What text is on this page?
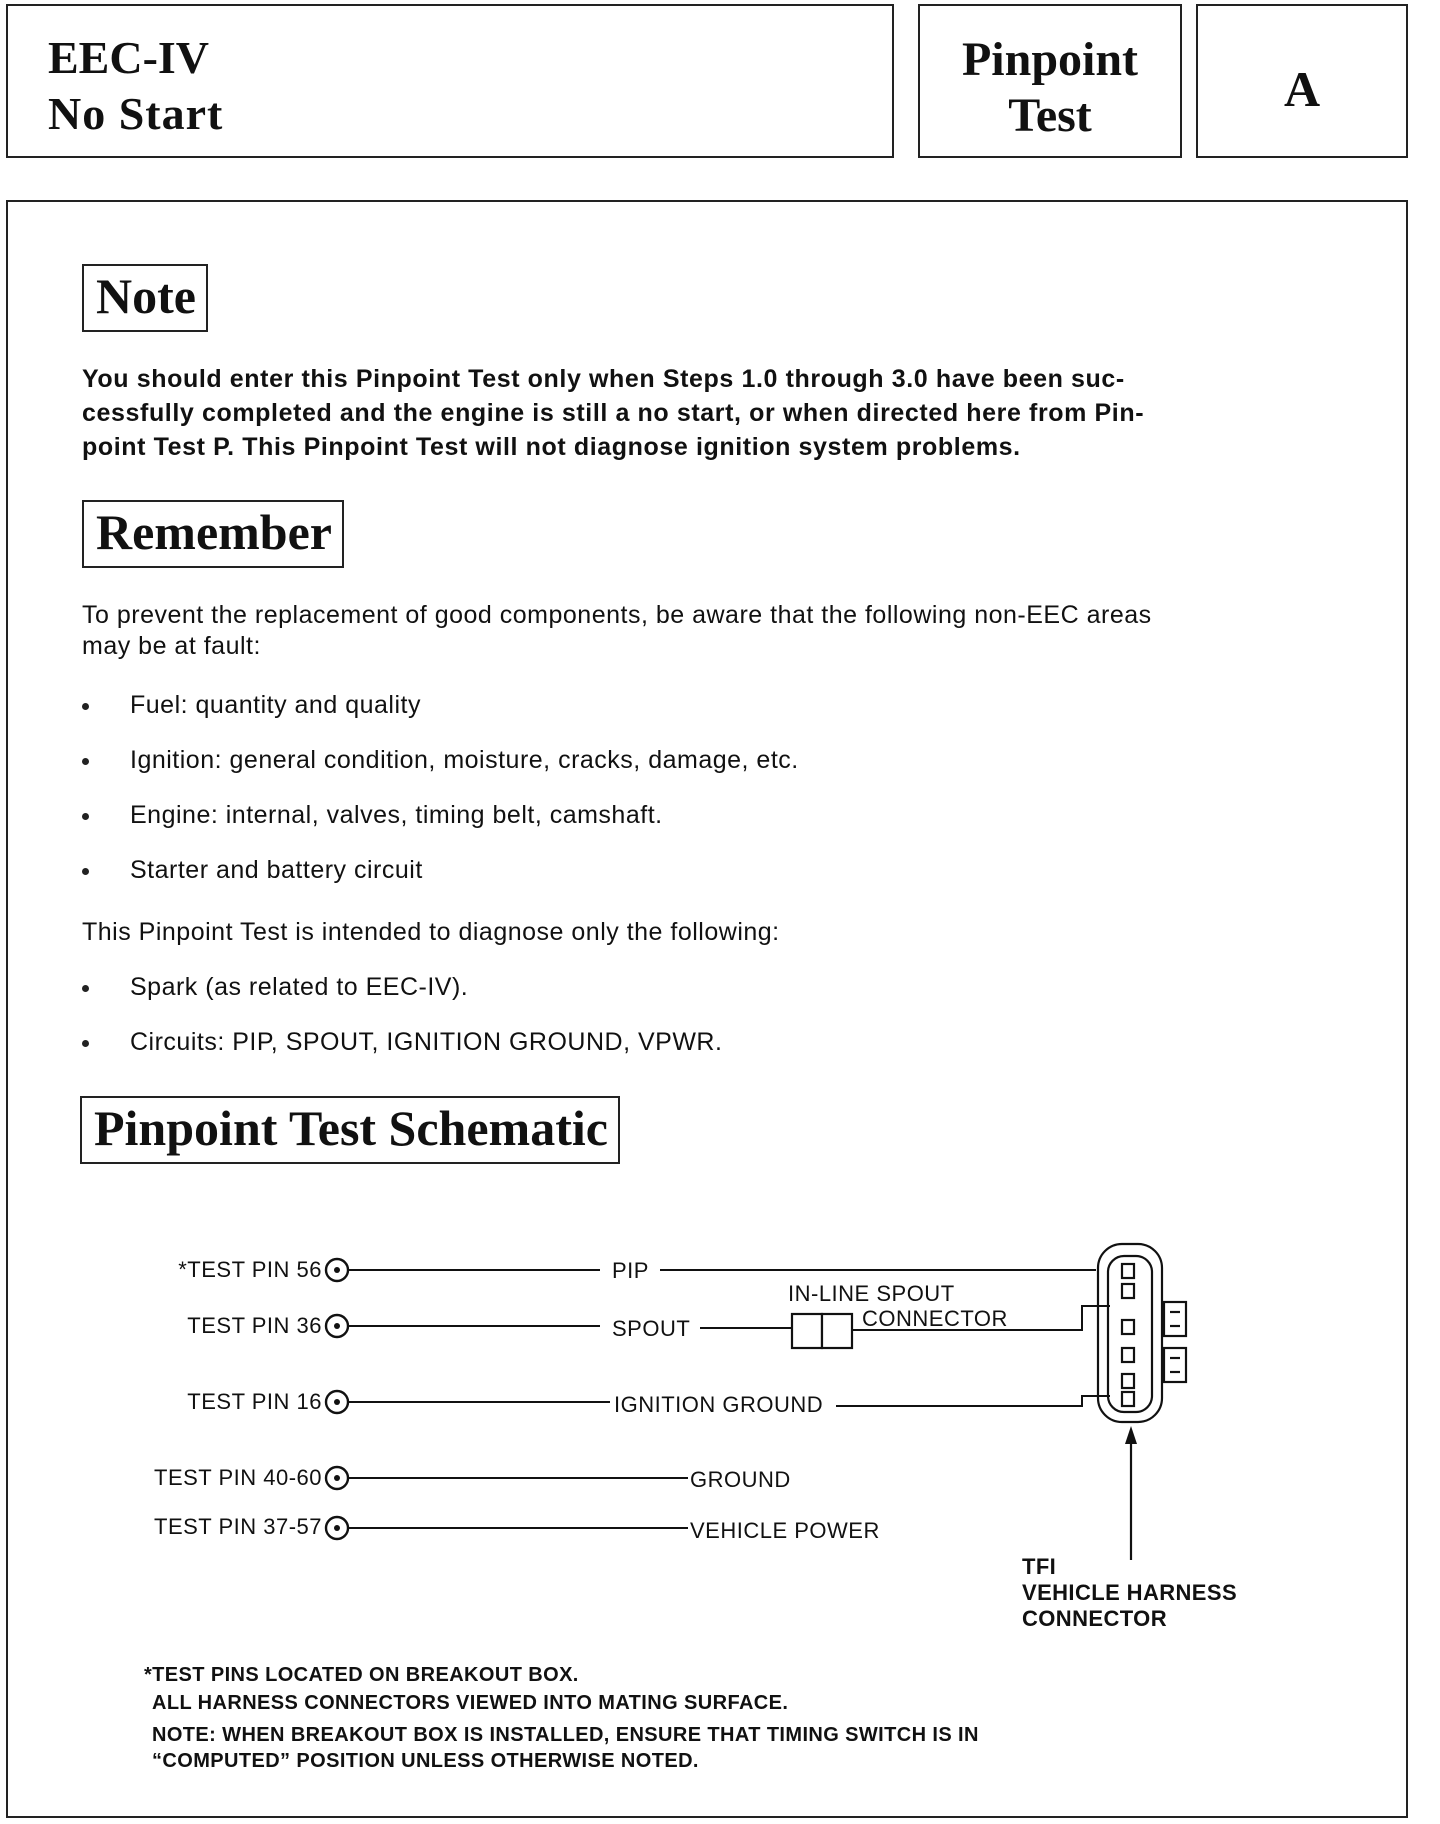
EEC-IV
No Start
Pinpoint
Test	A
Note
You should enter this Pinpoint Test only when Steps 1.0 through 3.0 have been suc-
cessfully completed and the engine is still a no start, or when directed here from Pin-
point Test P. This Pinpoint Test will not diagnose ignition system problems.
Remember
To prevent the replacement of good components, be aware that the following non-EEC areas
may be at fault:
Fuel: quantity and quality
Ignition: general condition, moisture, cracks, damage, etc.
Engine: internal, valves, timing belt, camshaft.
Starter and battery circuit
This Pinpoint Test is intended to diagnose only the following:
Spark (as related to EEC-IV).
Circuits: PIP, SPOUT, IGNITION GROUND, VPWR.
Pinpoint Test Schematic
*TEST PIN 56
TEST PIN 36
TEST PIN 16
TEST PIN 40-60
TEST PIN 37-57
PIP
SPOUT
IGNITION GROUND
GROUND
VEHICLE POWER
IN-LINE SPOUT
CONNECTOR
TFI
VEHICLE HARNESS
CONNECTOR
*TEST PINS LOCATED ON BREAKOUT BOX.
ALL HARNESS CONNECTORS VIEWED INTO MATING SURFACE.
NOTE: WHEN BREAKOUT BOX IS INSTALLED, ENSURE THAT TIMING SWITCH IS IN
“COMPUTED” POSITION UNLESS OTHERWISE NOTED.
